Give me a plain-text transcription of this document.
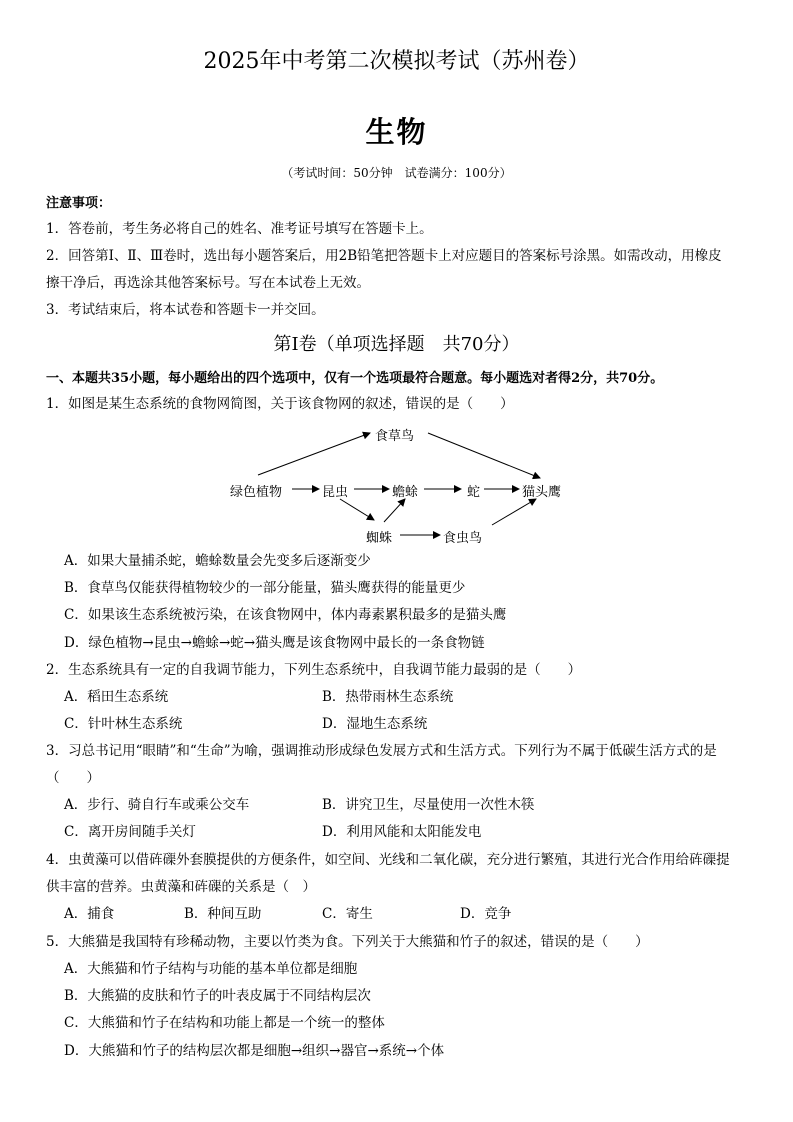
2025年中考第二次模拟考试（苏州卷）
生物
（考试时间：50分钟　试卷满分：100分）
注意事项：
1．答卷前，考生务必将自己的姓名、准考证号填写在答题卡上。
2．回答第Ⅰ、Ⅱ、Ⅲ卷时，选出每小题答案后，用2B铅笔把答题卡上对应题目的答案标号涂黑。如需改动，用橡皮
擦干净后，再选涂其他答案标号。写在本试卷上无效。
3．考试结束后，将本试卷和答题卡一并交回。
第Ⅰ卷（单项选择题　共70分）
一、本题共35小题，每小题给出的四个选项中，仅有一个选项最符合题意。每小题选对者得2分，共70分。
1．如图是某生态系统的食物网简图，关于该食物网的叙述，错误的是（　　）
食草鸟
绿色植物	昆虫	蟾蜍	蛇	猫头鹰
蜘蛛	食虫鸟
A．如果大量捕杀蛇，蟾蜍数量会先变多后逐渐变少
B．食草鸟仅能获得植物较少的一部分能量，猫头鹰获得的能量更少
C．如果该生态系统被污染，在该食物网中，体内毒素累积最多的是猫头鹰
D．绿色植物→昆虫→蟾蜍→蛇→猫头鹰是该食物网中最长的一条食物链
2．生态系统具有一定的自我调节能力，下列生态系统中，自我调节能力最弱的是（　　）
A．稻田生态系统	B．热带雨林生态系统
C．针叶林生态系统	D．湿地生态系统
3．习总书记用“眼睛”和“生命”为喻，强调推动形成绿色发展方式和生活方式。下列行为不属于低碳生活方式的是
（　　）
A．步行、骑自行车或乘公交车	B．讲究卫生，尽量使用一次性木筷
C．离开房间随手关灯	D．利用风能和太阳能发电
4．虫黄藻可以借砗磲外套膜提供的方便条件，如空间、光线和二氧化碳，充分进行繁殖，其进行光合作用给砗磲提
供丰富的营养。虫黄藻和砗磲的关系是（　）
A．捕食	B．种间互助	C．寄生	D．竞争
5．大熊猫是我国特有珍稀动物，主要以竹类为食。下列关于大熊猫和竹子的叙述，错误的是（　　）
A．大熊猫和竹子结构与功能的基本单位都是细胞
B．大熊猫的皮肤和竹子的叶表皮属于不同结构层次
C．大熊猫和竹子在结构和功能上都是一个统一的整体
D．大熊猫和竹子的结构层次都是细胞→组织→器官→系统→个体
